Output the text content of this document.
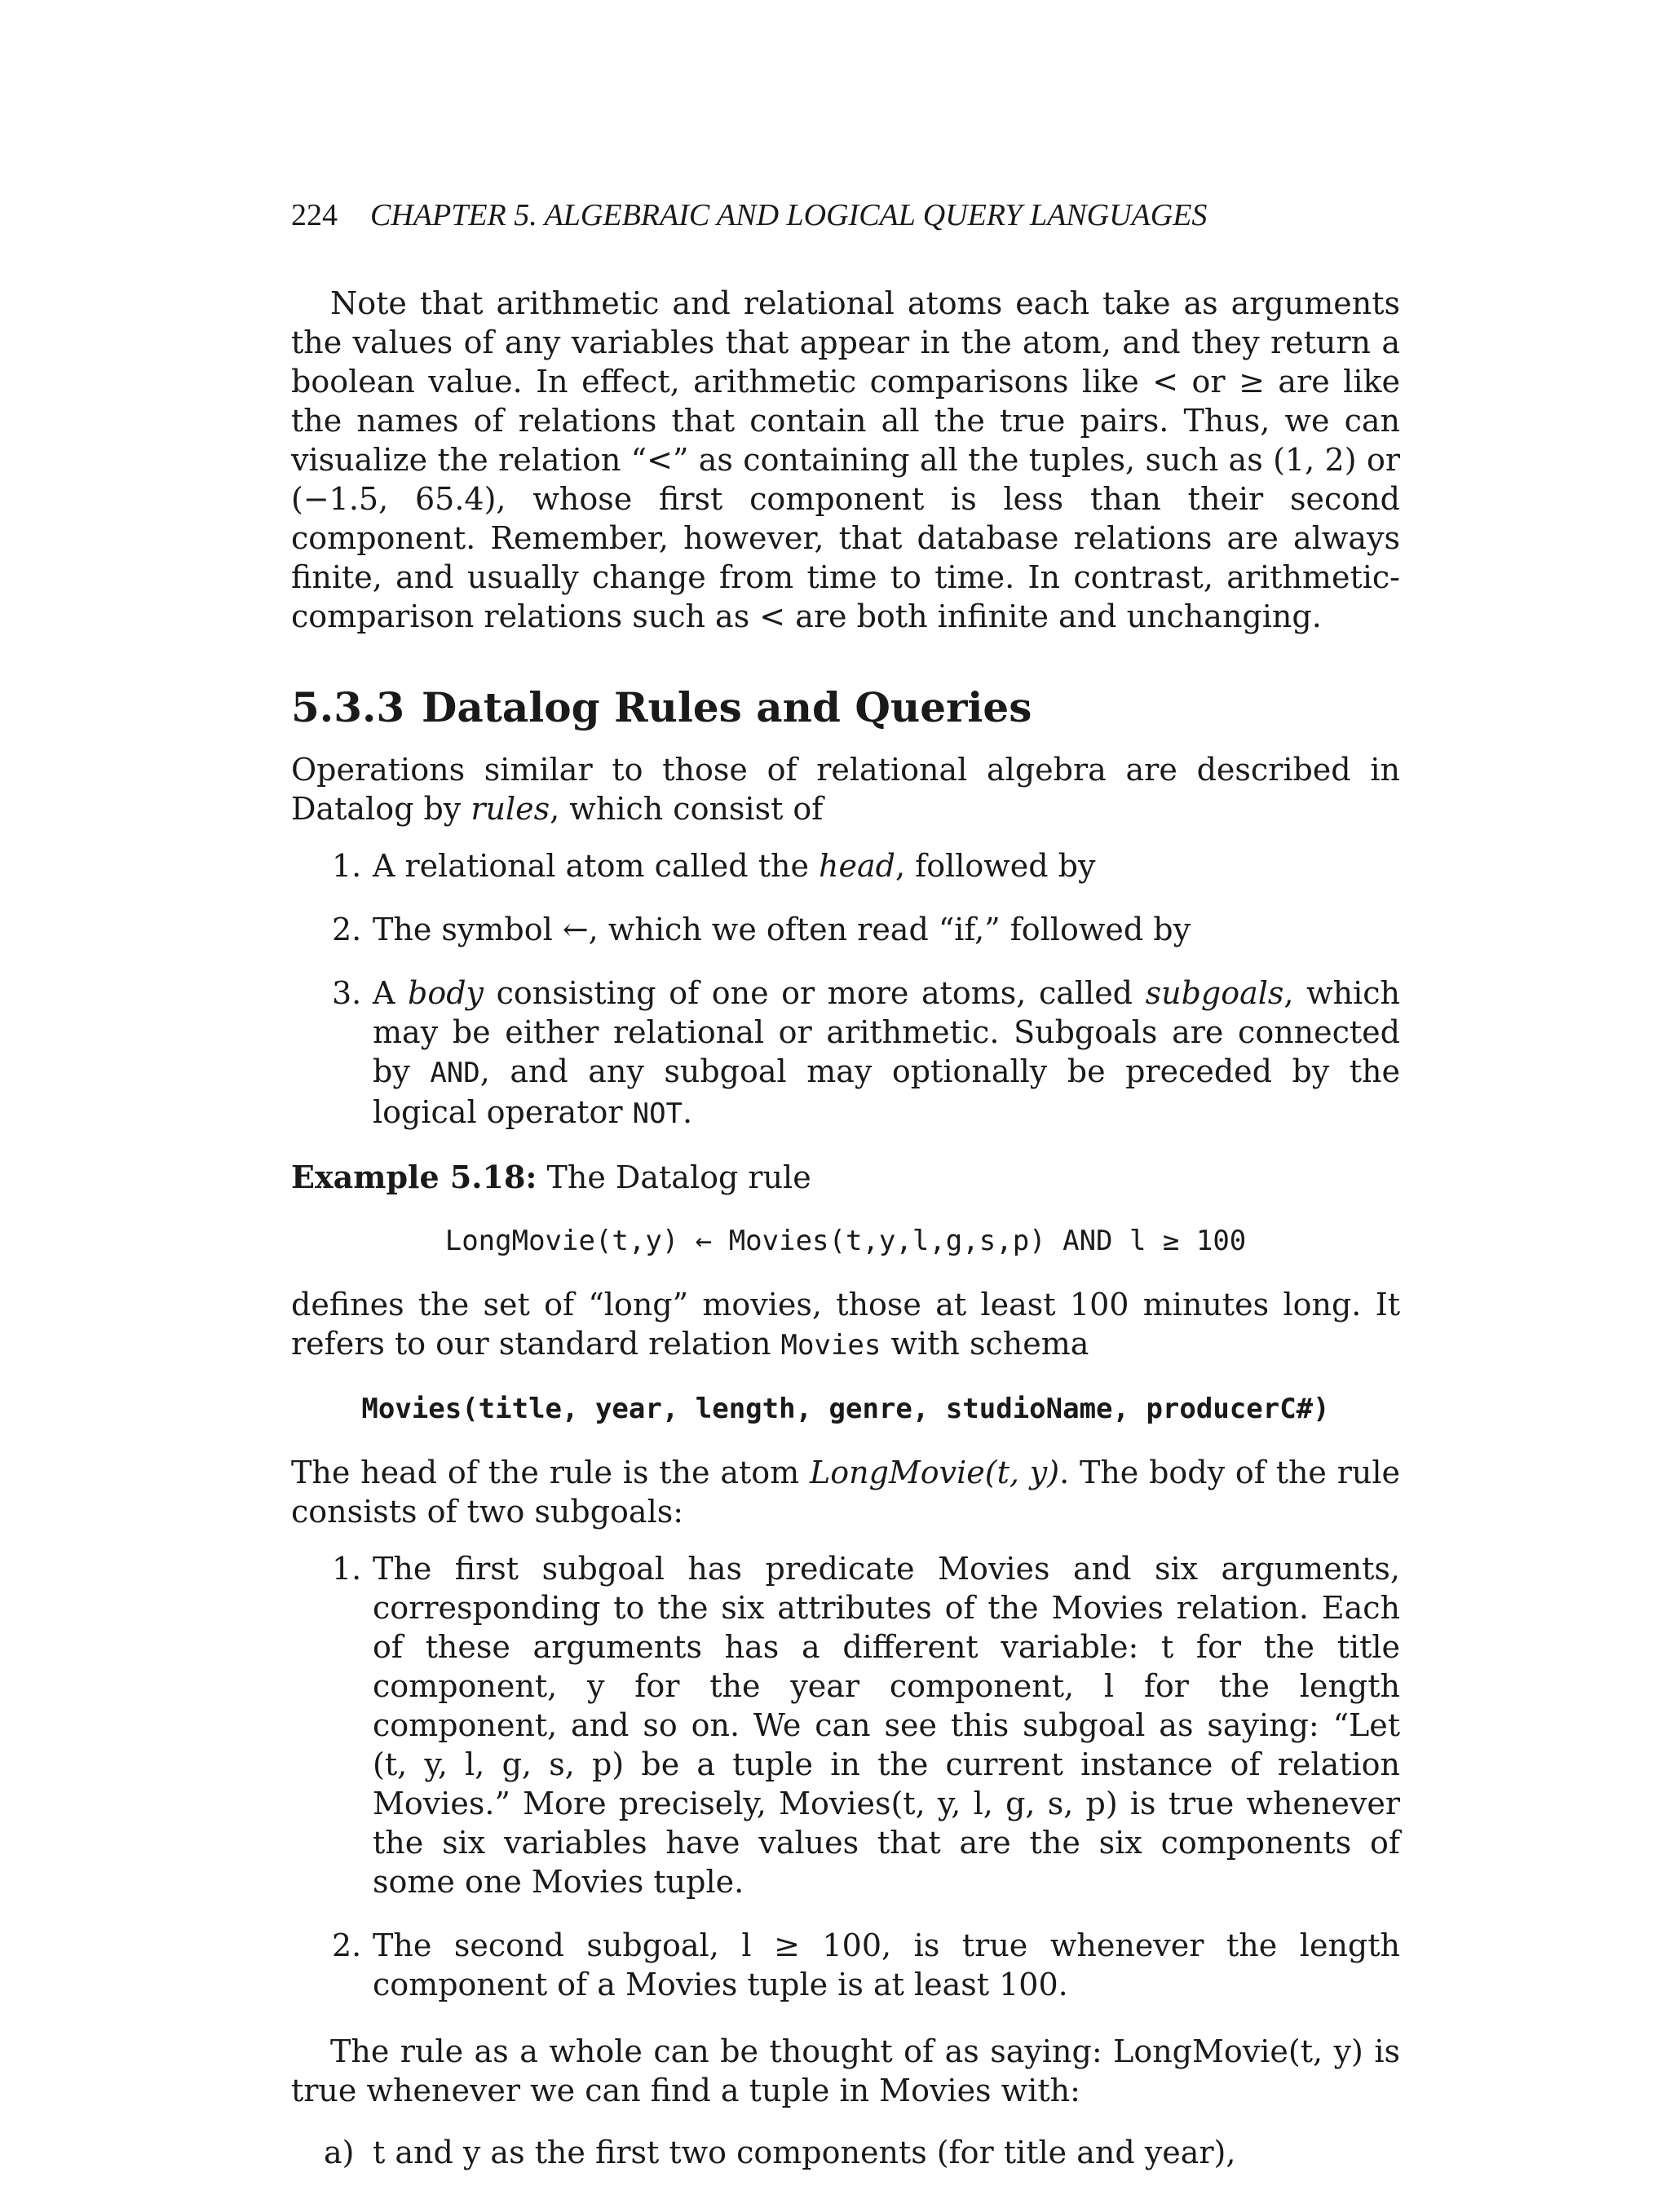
224 CHAPTER 5. ALGEBRAIC AND LOGICAL QUERY LANGUAGES

Note that arithmetic and relational atoms each take as arguments the values of any variables that appear in the atom, and they return a boolean value. In effect, arithmetic comparisons like < or ≥ are like the names of relations that contain all the true pairs. Thus, we can visualize the relation “<” as containing all the tuples, such as (1, 2) or (−1.5, 65.4), whose first component is less than their second component. Remember, however, that database relations are always finite, and usually change from time to time. In contrast, arithmetic-comparison relations such as < are both infinite and unchanging.

5.3.3 Datalog Rules and Queries

Operations similar to those of relational algebra are described in Datalog by rules, which consist of

1. A relational atom called the head, followed by
2. The symbol ←, which we often read “if,” followed by
3. A body consisting of one or more atoms, called subgoals, which may be either relational or arithmetic. Subgoals are connected by AND, and any subgoal may optionally be preceded by the logical operator NOT.

Example 5.18: The Datalog rule

LongMovie(t,y) ← Movies(t,y,l,g,s,p) AND l ≥ 100

defines the set of “long” movies, those at least 100 minutes long. It refers to our standard relation Movies with schema

Movies(title, year, length, genre, studioName, producerC#)

The head of the rule is the atom LongMovie(t, y). The body of the rule consists of two subgoals:

1. The first subgoal has predicate Movies and six arguments, corresponding to the six attributes of the Movies relation. Each of these arguments has a different variable: t for the title component, y for the year component, l for the length component, and so on. We can see this subgoal as saying: “Let (t, y, l, g, s, p) be a tuple in the current instance of relation Movies.” More precisely, Movies(t, y, l, g, s, p) is true whenever the six variables have values that are the six components of some one Movies tuple.
2. The second subgoal, l ≥ 100, is true whenever the length component of a Movies tuple is at least 100.

The rule as a whole can be thought of as saying: LongMovie(t, y) is true whenever we can find a tuple in Movies with:

a) t and y as the first two components (for title and year),
